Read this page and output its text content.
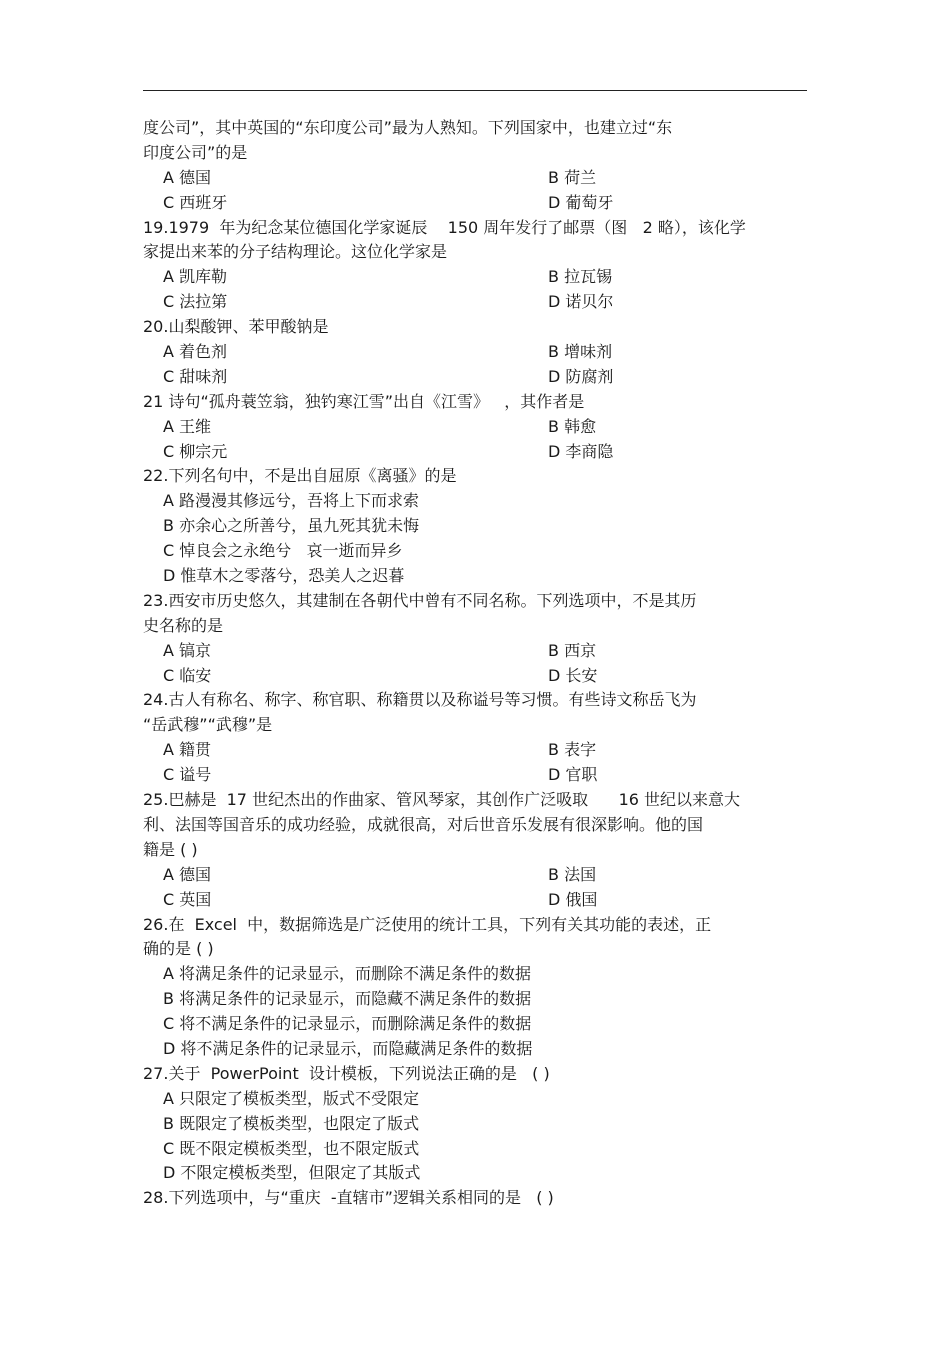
度公司”，其中英国的“东印度公司”最为人熟知。下列国家中，也建立过“东
印度公司”的是
A 德国	B 荷兰
C 西班牙	D 葡萄牙
19.1979  年为纪念某位德国化学家诞辰    150 周年发行了邮票（图   2 略），该化学
家提出来苯的分子结构理论。这位化学家是
A 凯库勒	B 拉瓦锡
C 法拉第	D 诺贝尔
20.山梨酸钾、苯甲酸钠是
A 着色剂	B 增味剂
C 甜味剂	D 防腐剂
21 诗句“孤舟蓑笠翁，独钓寒江雪”出自《江雪》   ，其作者是
A 王维	B 韩愈
C 柳宗元	D 李商隐
22.下列名句中，不是出自屈原《离骚》的是
A 路漫漫其修远兮，吾将上下而求索
B 亦余心之所善兮，虽九死其犹未悔
C 悼良会之永绝兮   哀一逝而异乡
D 惟草木之零落兮，恐美人之迟暮
23.西安市历史悠久，其建制在各朝代中曾有不同名称。下列选项中，不是其历
史名称的是
A 镐京	B 西京
C 临安	D 长安
24.古人有称名、称字、称官职、称籍贯以及称谥号等习惯。有些诗文称岳飞为
“岳武穆”“武穆”是
A 籍贯	B 表字
C 谥号	D 官职
25.巴赫是  17 世纪杰出的作曲家、管风琴家，其创作广泛吸取      16 世纪以来意大
利、法国等国音乐的成功经验，成就很高，对后世音乐发展有很深影响。他的国
籍是 ( )
A 德国	B 法国
C 英国	D 俄国
26.在  Excel  中，数据筛选是广泛使用的统计工具，下列有关其功能的表述，正
确的是 ( )
A 将满足条件的记录显示，而删除不满足条件的数据
B 将满足条件的记录显示，而隐藏不满足条件的数据
C 将不满足条件的记录显示，而删除满足条件的数据
D 将不满足条件的记录显示，而隐藏满足条件的数据
27.关于  PowerPoint  设计模板，下列说法正确的是   ( )
A 只限定了模板类型，版式不受限定
B 既限定了模板类型，也限定了版式
C 既不限定模板类型，也不限定版式
D 不限定模板类型，但限定了其版式
28.下列选项中，与“重庆  -直辖市”逻辑关系相同的是   ( )
